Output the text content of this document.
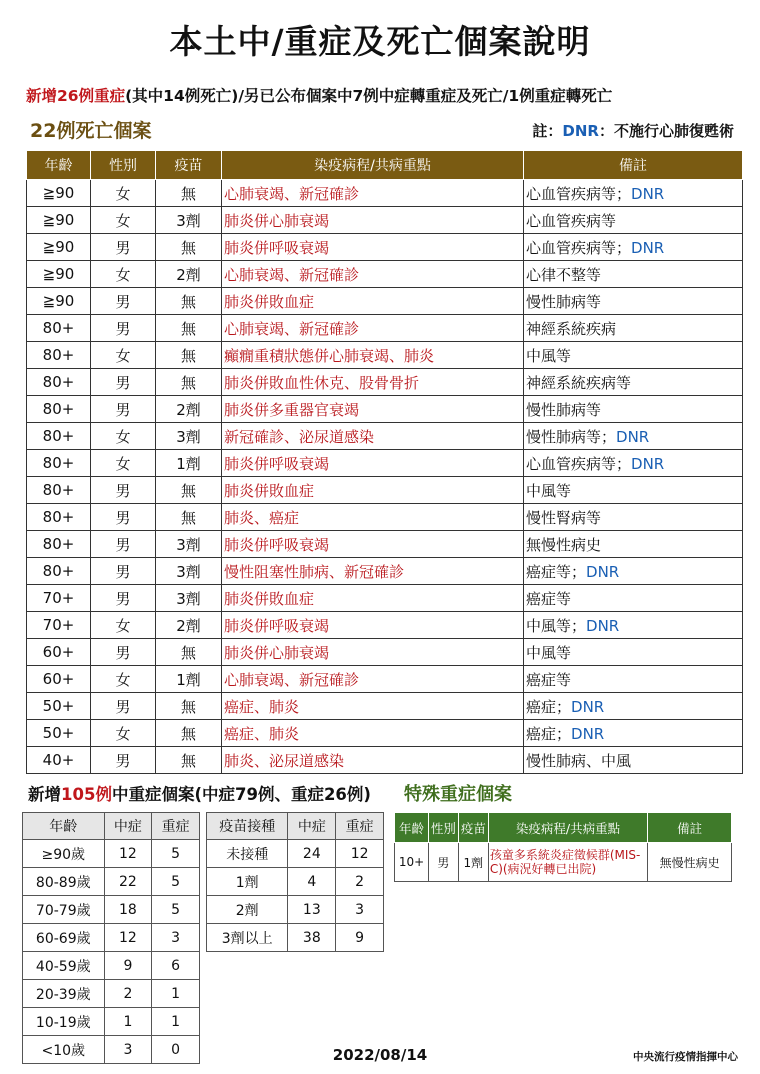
本土中/重症及死亡個案說明
新增26例重症(其中14例死亡)/另已公布個案中7例中症轉重症及死亡/1例重症轉死亡
22例死亡個案	註：DNR：不施行心肺復甦術
年齡	性別	疫苗	染疫病程/共病重點	備註
≧90	女	無	心肺衰竭、新冠確診	心血管疾病等；DNR
≧90	女	3劑	肺炎併心肺衰竭	心血管疾病等
≧90	男	無	肺炎併呼吸衰竭	心血管疾病等；DNR
≧90	女	2劑	心肺衰竭、新冠確診	心律不整等
≧90	男	無	肺炎併敗血症	慢性肺病等
80+	男	無	心肺衰竭、新冠確診	神經系統疾病
80+	女	無	癲癇重積狀態併心肺衰竭、肺炎	中風等
80+	男	無	肺炎併敗血性休克、股骨骨折	神經系統疾病等
80+	男	2劑	肺炎併多重器官衰竭	慢性肺病等
80+	女	3劑	新冠確診、泌尿道感染	慢性肺病等；DNR
80+	女	1劑	肺炎併呼吸衰竭	心血管疾病等；DNR
80+	男	無	肺炎併敗血症	中風等
80+	男	無	肺炎、癌症	慢性腎病等
80+	男	3劑	肺炎併呼吸衰竭	無慢性病史
80+	男	3劑	慢性阻塞性肺病、新冠確診	癌症等；DNR
70+	男	3劑	肺炎併敗血症	癌症等
70+	女	2劑	肺炎併呼吸衰竭	中風等；DNR
60+	男	無	肺炎併心肺衰竭	中風等
60+	女	1劑	心肺衰竭、新冠確診	癌症等
50+	男	無	癌症、肺炎	癌症；DNR
50+	女	無	癌症、肺炎	癌症；DNR
40+	男	無	肺炎、泌尿道感染	慢性肺病、中風
新增105例中重症個案(中症79例、重症26例) 特殊重症個案
年齡	中症	重症
≥90歲	12	5
80-89歲	22	5
70-79歲	18	5
60-69歲	12	3
40-59歲	9	6
20-39歲	2	1
10-19歲	1	1
<10歲	3	0
疫苗接種	中症	重症
未接種	24	12
1劑	4	2
2劑	13	3
3劑以上	38	9
年齡	性別	疫苗	染疫病程/共病重點	備註
10+	男	1劑	孩童多系統炎症徵候群(MIS-C)(病況好轉已出院)	無慢性病史
2022/08/14	中央流行疫情指揮中心
